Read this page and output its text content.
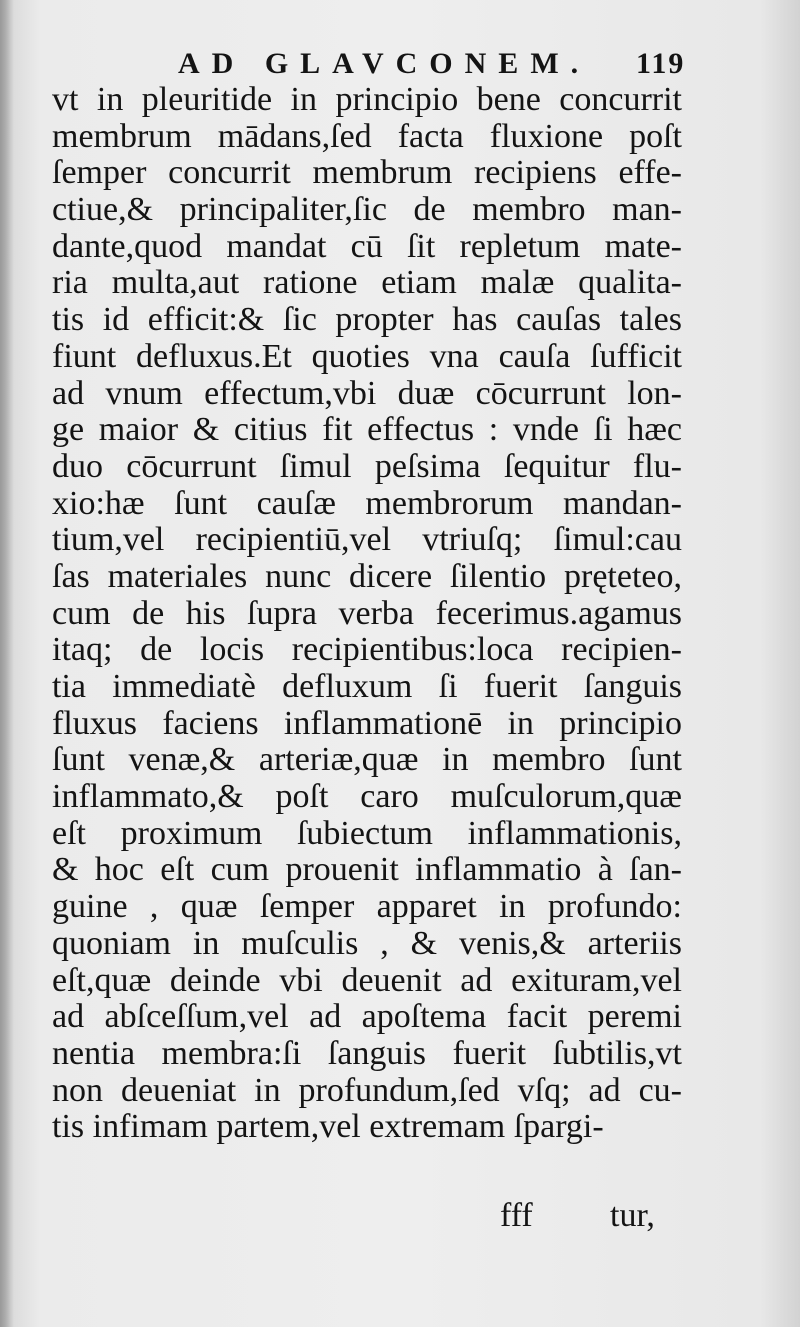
AD GLAVCONEM. 119
vt in pleuritide in principio bene concurrit
membrum mādans,ſed facta fluxione poſt
ſemper concurrit membrum recipiens effe-
ctiue,& principaliter,ſic de membro man-
dante,quod mandat cū ſit repletum mate-
ria multa,aut ratione etiam malæ qualita-
tis id efficit:& ſic propter has cauſas tales
fiunt defluxus.Et quoties vna cauſa ſufficit
ad vnum effectum,vbi duæ cōcurrunt lon-
ge maior & citius fit effectus : vnde ſi hæc
duo cōcurrunt ſimul peſsima ſequitur flu-
xio:hæ ſunt cauſæ membrorum mandan-
tium,vel recipientiū,vel vtriuſq; ſimul:cau
ſas materiales nunc dicere ſilentio pręteteo,
cum de his ſupra verba fecerimus.agamus
itaq; de locis recipientibus:loca recipien-
tia immediatè defluxum ſi fuerit ſanguis
fluxus faciens inflammationē in principio
ſunt venæ,& arteriæ,quæ in membro ſunt
inflammato,& poſt caro muſculorum,quæ
eſt proximum ſubiectum inflammationis,
& hoc eſt cum prouenit inflammatio à ſan-
guine , quæ ſemper apparet in profundo:
quoniam in muſculis , & venis,& arteriis
eſt,quæ deinde vbi deuenit ad exituram,vel
ad abſceſſum,vel ad apoſtema facit peremi
nentia membra:ſi ſanguis fuerit ſubtilis,vt
non deueniat in profundum,ſed vſq; ad cu-
tis infimam partem,vel extremam ſpargi-
fff tur,
